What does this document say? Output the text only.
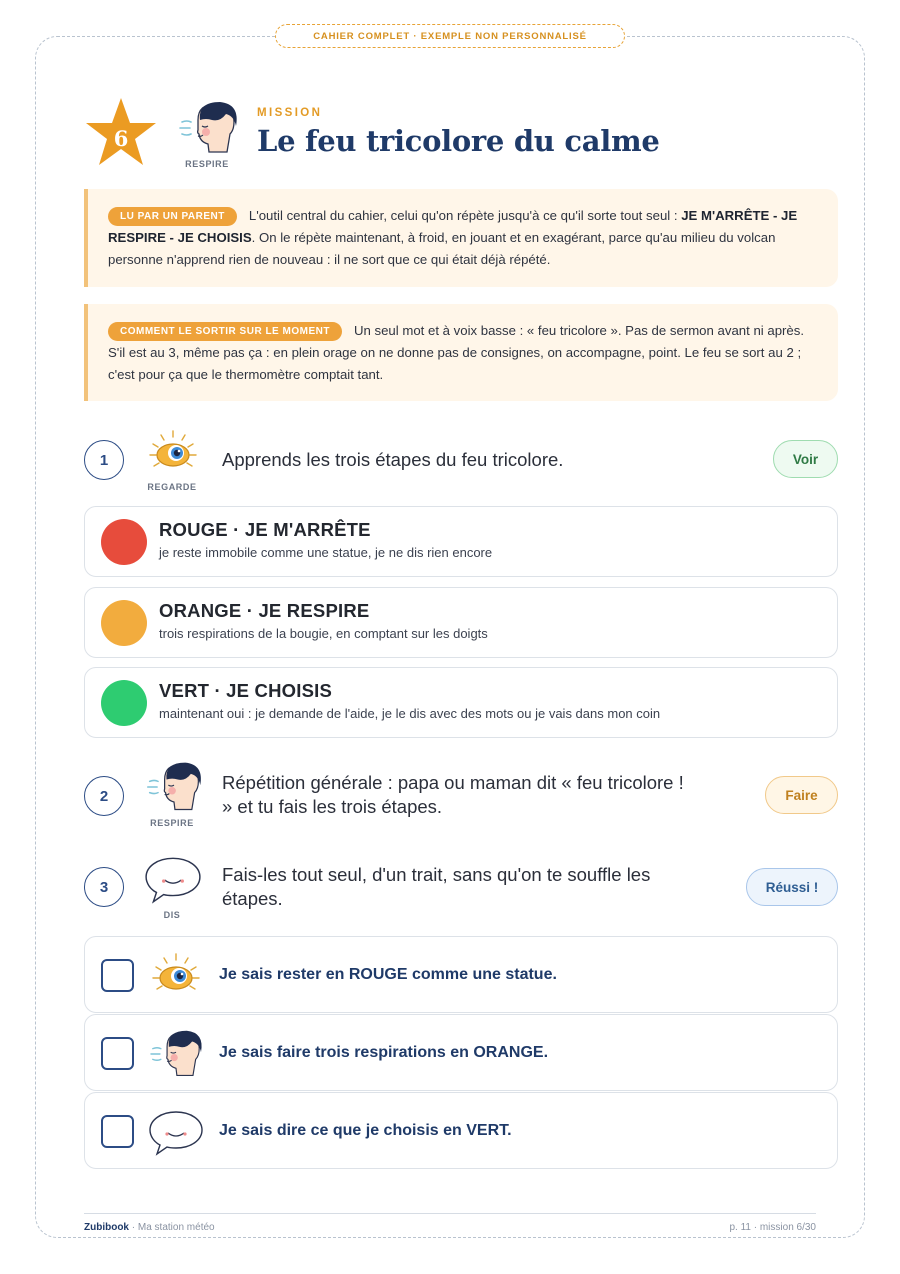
CAHIER COMPLET · EXEMPLE NON PERSONNALISÉ
6
RESPIRE
MISSION
Le feu tricolore du calme
LU PAR UN PARENT L'outil central du cahier, celui qu'on répète jusqu'à ce qu'il sorte tout seul : JE M'ARRÊTE - JE RESPIRE - JE CHOISIS. On le répète maintenant, à froid, en jouant et en exagérant, parce qu'au milieu du volcan personne n'apprend rien de nouveau : il ne sort que ce qui était déjà répété.
COMMENT LE SORTIR SUR LE MOMENT Un seul mot et à voix basse : « feu tricolore ». Pas de sermon avant ni après. S'il est au 3, même pas ça : en plein orage on ne donne pas de consignes, on accompagne, point. Le feu se sort au 2 ; c'est pour ça que le thermomètre comptait tant.
1
REGARDE
Apprends les trois étapes du feu tricolore.	Voir
ROUGE · JE M'ARRÊTE
je reste immobile comme une statue, je ne dis rien encore
ORANGE · JE RESPIRE
trois respirations de la bougie, en comptant sur les doigts
VERT · JE CHOISIS
maintenant oui : je demande de l'aide, je le dis avec des mots ou je vais dans mon coin
2
RESPIRE
Répétition générale : papa ou maman dit « feu tricolore !
» et tu fais les trois étapes.
Faire
3
DIS
Fais-les tout seul, d'un trait, sans qu'on te souffle les
étapes.
Réussi !
Je sais rester en ROUGE comme une statue.
Je sais faire trois respirations en ORANGE.
Je sais dire ce que je choisis en VERT.
Zubibook · Ma station météo	p. 11 · mission 6/30
